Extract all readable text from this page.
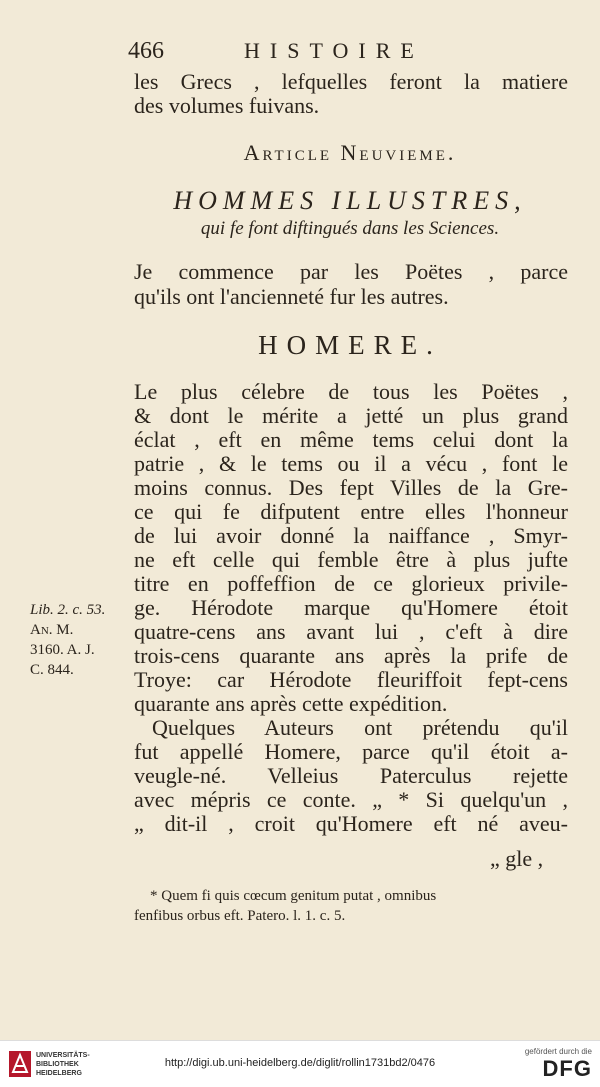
466	HISTOIRE
les Grecs , lefquelles feront la matiere
des volumes fuivans.
Article Neuvieme.
HOMMES ILLUSTRES,
qui fe font diftingués dans les Sciences.
Je commence par les Poëtes , parce
qu'ils ont l'ancienneté fur les autres.
HOMERE.
Le plus célebre de tous les Poëtes ,
& dont le mérite a jetté un plus grand
éclat , eft en même tems celui dont la
patrie , & le tems ou il a vécu , font le
moins connus. Des fept Villes de la Gre-
ce qui fe difputent entre elles l'honneur
de lui avoir donné la naiffance , Smyr-
ne eft celle qui femble être à plus jufte
titre en poffeffion de ce glorieux privile-
ge. Hérodote marque qu'Homere étoit
quatre-cens ans avant lui , c'eft à dire
trois-cens quarante ans après la prife de
Troye: car Hérodote fleuriffoit fept-cens
quarante ans après cette expédition.
Quelques Auteurs ont prétendu qu'il
fut appellé Homere, parce qu'il étoit a-
veugle-né. Velleius Paterculus rejette
avec mépris ce conte. „ * Si quelqu'un ,
„ dit-il , croit qu'Homere eft né aveu-
„ gle ,
Lib. 2. c. 53.
An. M.
3160. A. J.
C. 844.
* Quem fi quis cœcum genitum putat , omnibus
fenfibus orbus eft. Patero. l. 1. c. 5.
UNIVERSITÄTS-
BIBLIOTHEK
HEIDELBERG
http://digi.ub.uni-heidelberg.de/diglit/rollin1731bd2/0476
gefördert durch die
DFG
